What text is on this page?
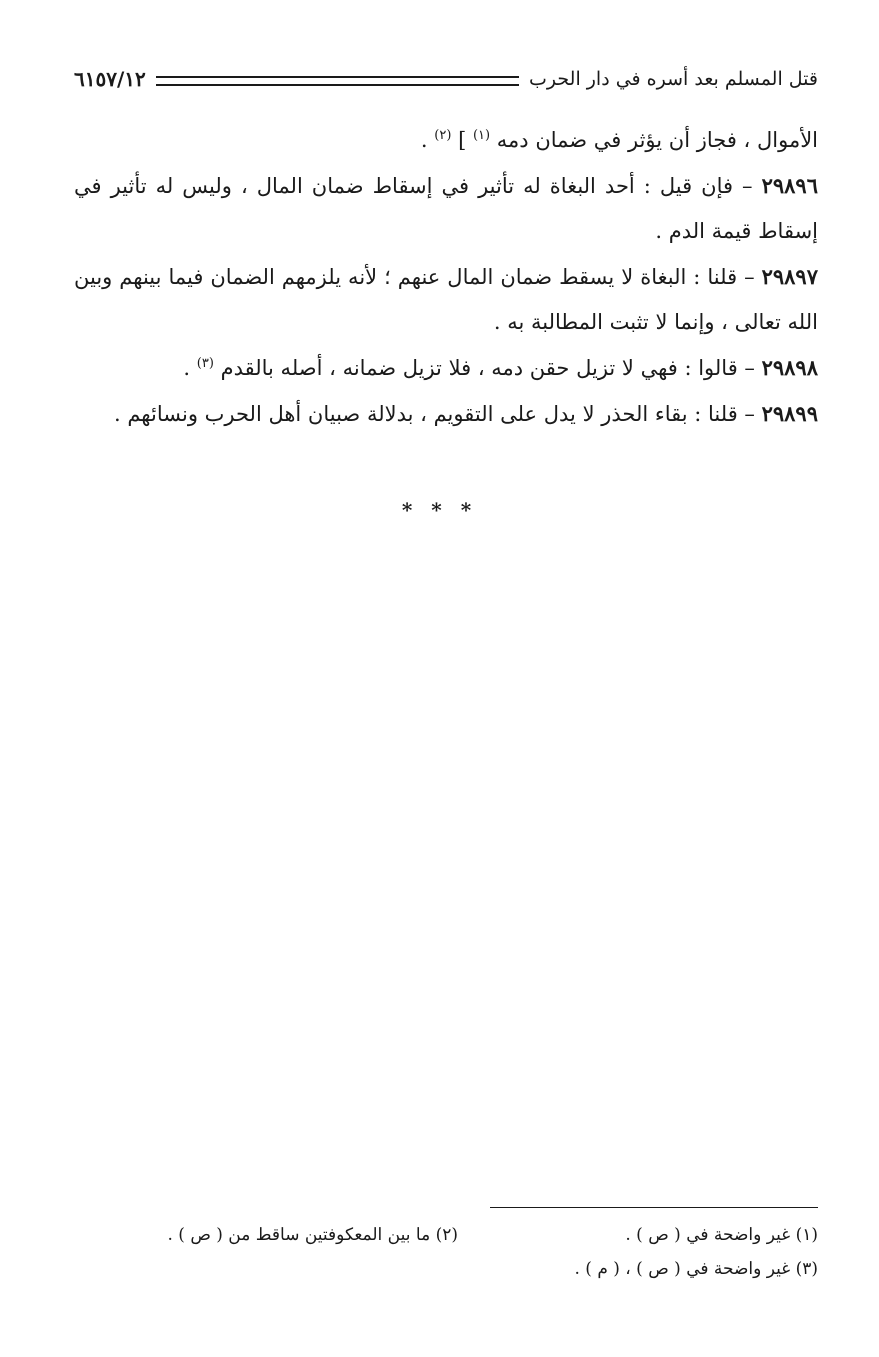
قتل المسلم بعد أسره في دار الحرب
٦١٥٧/١٢

الأموال ، فجاز أن يؤثر في ضمان دمه $^{(١)}$ ] $^{(٢)}$ .

٢٩٨٩٦ – فإن قيل : أحد البغاة له تأثير في إسقاط ضمان المال ، وليس له تأثير في إسقاط قيمة الدم .

٢٩٨٩٧ – قلنا : البغاة لا يسقط ضمان المال عنهم ؛ لأنه يلزمهم الضمان فيما بينهم وبين الله تعالى ، وإنما لا تثبت المطالبة به .

٢٩٨٩٨ – قالوا : فهي لا تزيل حقن دمه ، فلا تزيل ضمانه ، أصله بالقدم $^{(٣)}$ .

٢٩٨٩٩ – قلنا : بقاء الحذر لا يدل على التقويم ، بدلالة صبيان أهل الحرب ونسائهم .

* * *
(١) غير واضحة في ( ص ) .
(٢) ما بين المعكوفتين ساقط من ( ص ) .
(٣) غير واضحة في ( ص ) ، ( م ) .
